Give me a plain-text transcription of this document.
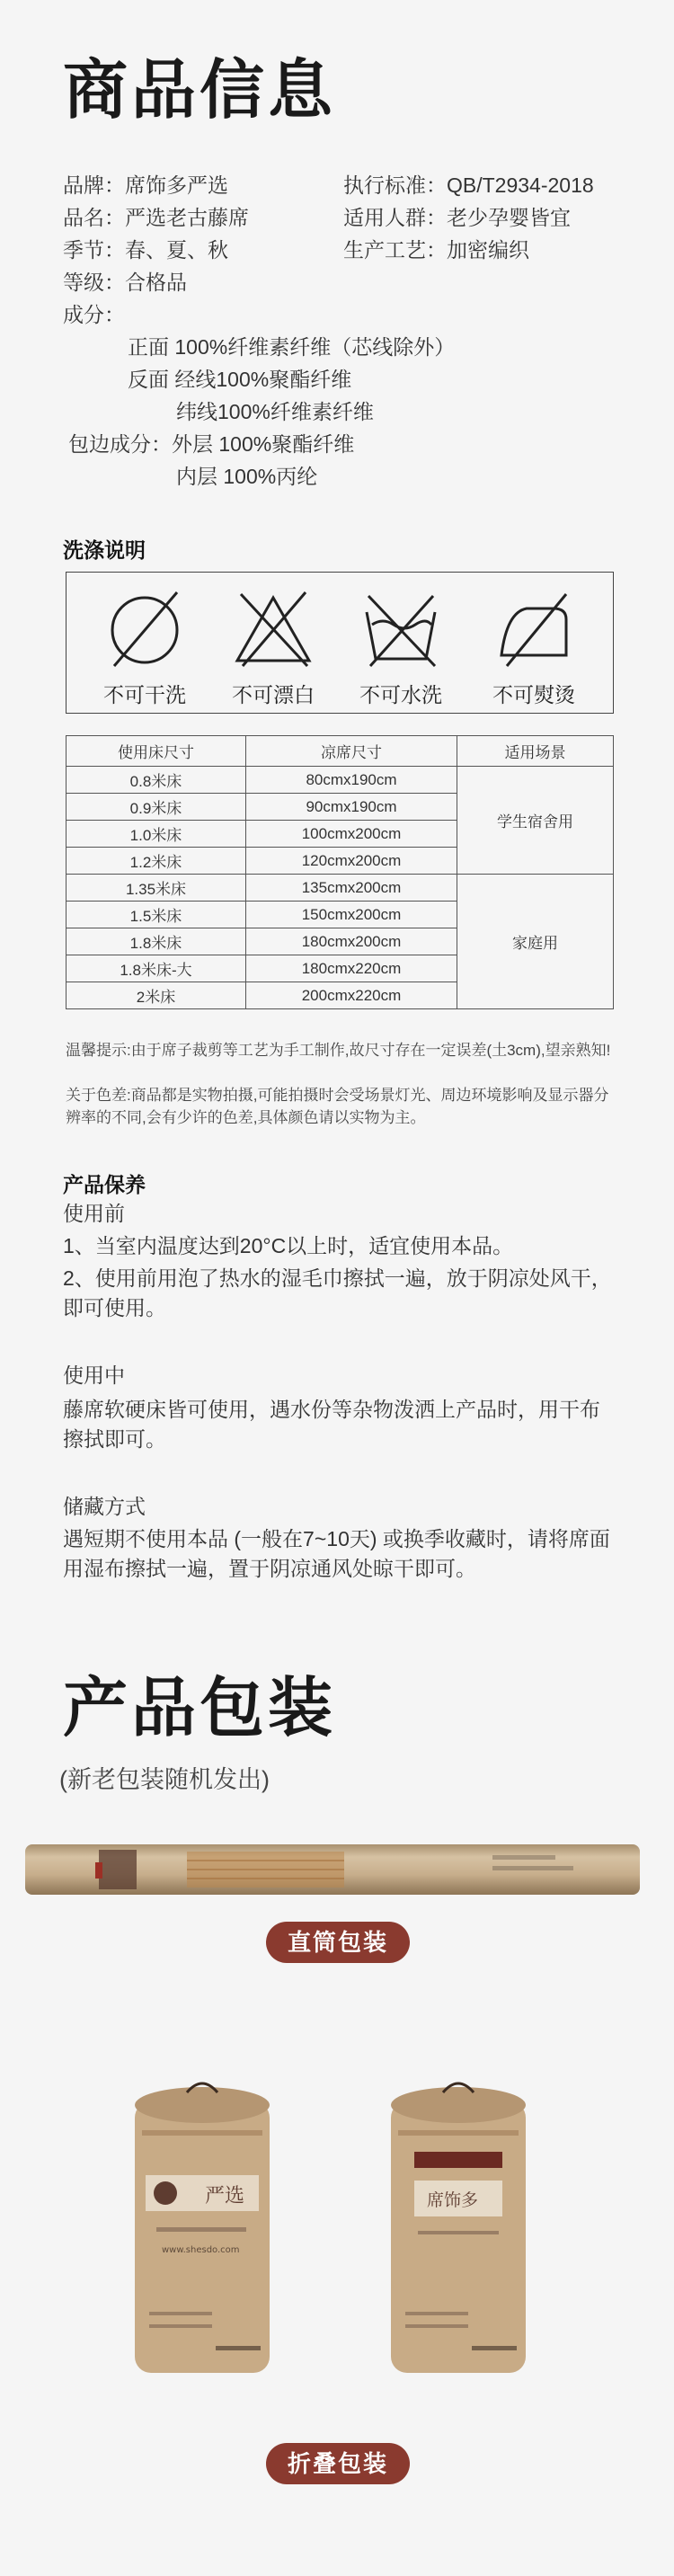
商品信息
品牌：席饰多严选
品名：严选老古藤席
季节：春、夏、秋
等级：合格品
成分：
执行标准：QB/T2934-2018
适用人群：老少孕婴皆宜
生产工艺：加密编织
正面 100%纤维素纤维（芯线除外）
反面 经线100%聚酯纤维
纬线100%纤维素纤维
包边成分：外层 100%聚酯纤维
内层 100%丙纶
洗涤说明
不可干洗	不可漂白	不可水洗	不可熨烫
使用床尺寸	凉席尺寸	适用场景
0.8米床	80cmx190cm	学生宿舍用
0.9米床	90cmx190cm	
1.0米床	100cmx200cm	
1.2米床	120cmx200cm	
1.35米床	135cmx200cm	家庭用
1.5米床	150cmx200cm	
1.8米床	180cmx200cm	
1.8米床-大	180cmx220cm	
2米床	200cmx220cm	
温馨提示:由于席子裁剪等工艺为手工制作,故尺寸存在一定误差(土3cm),望亲熟知!
关于色差:商品都是实物拍摄,可能拍摄时会受场景灯光、周边环境影响及显示器分辨率的不同,会有少许的色差,具体颜色请以实物为主。
产品保养
使用前
1、当室内温度达到20°C以上时，适宜使用本品。
2、使用前用泡了热水的湿毛巾擦拭一遍，放于阴凉处风干，即可使用。
使用中
藤席软硬床皆可使用，遇水份等杂物泼洒上产品时，用干布擦拭即可。
储藏方式
遇短期不使用本品 (一般在7~10天) 或换季收藏时，请将席面用湿布擦拭一遍，置于阴凉通风处晾干即可。
产品包装
(新老包装随机发出)
直筒包装
严选
www.shesdo.com
席饰多
折叠包装
